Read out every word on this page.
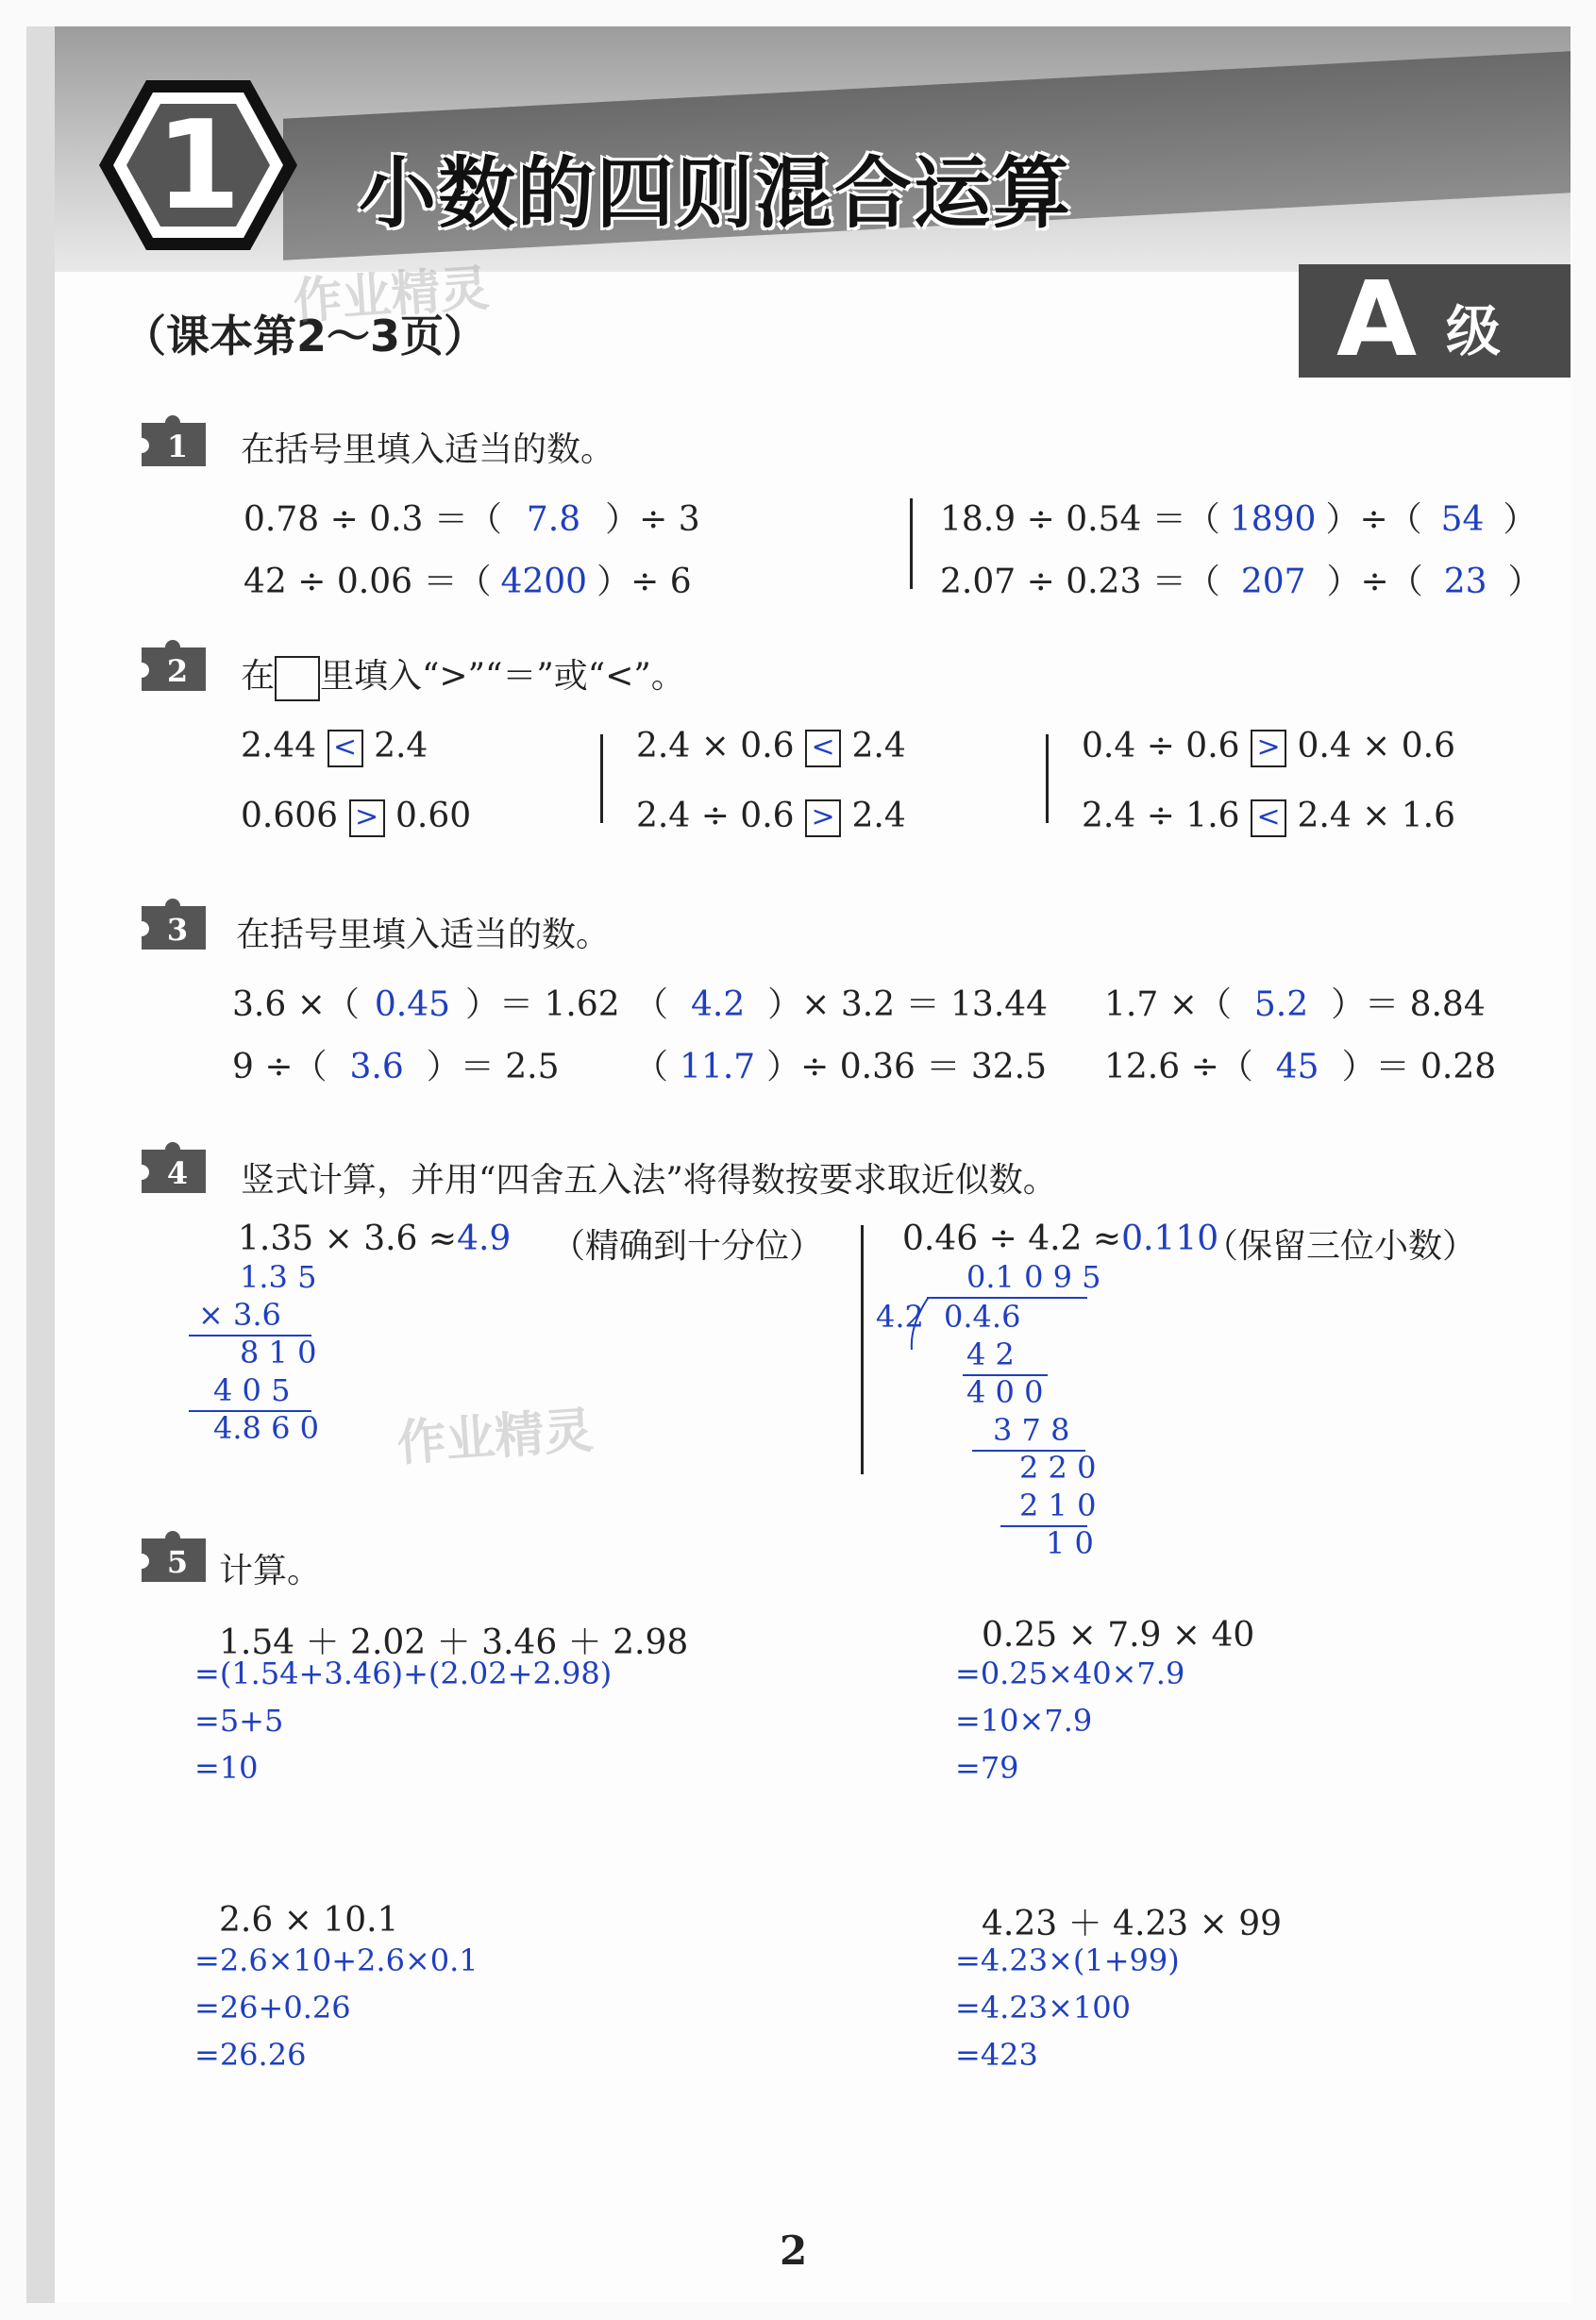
1 小数的四则混合运算
（课本第2～3页）	A 级
作业精灵
作业精灵
1 在括号里填入适当的数。
0.78 ÷ 0.3 ＝（ 7.8 ）÷ 3
42 ÷ 0.06 ＝（ 4200 ）÷ 6
18.9 ÷ 0.54 ＝（ 1890 ）÷（ 54 ）
2.07 ÷ 0.23 ＝（ 207 ）÷（ 23 ）
2 在 里填入“>”“＝”或“<”。
2.44 < 2.4
0.606 > 0.60
2.4 × 0.6 < 2.4
2.4 ÷ 0.6 > 2.4
0.4 ÷ 0.6 > 0.4 × 0.6
2.4 ÷ 1.6 < 2.4 × 1.6
3 在括号里填入适当的数。
3.6 ×（ 0.45 ）＝ 1.62 （ 4.2 ）× 3.2 ＝ 13.44 1.7 ×（ 5.2 ）＝ 8.84
9 ÷（ 3.6 ）＝ 2.5 （ 11.7 ）÷ 0.36 ＝ 32.5 12.6 ÷（ 45 ）＝ 0.28
4 竖式计算，并用“四舍五入法”将得数按要求取近似数。
1.35 × 3.6 ≈4.9 （精确到十分位）
1.3 5
× 3.6
8 1 0
4 0 5
4.8 6 0
0.46 ÷ 4.2 ≈0.110
（保留三位小数）
0.1 0 9 5
4.2 0.4.6
4 2
4 0 0
3 7 8
2 2 0
2 1 0
1 0
5 计算。
1.54 ＋ 2.02 ＋ 3.46 ＋ 2.98
=(1.54+3.46)+(2.02+2.98)
=5+5
=10
0.25 × 7.9 × 40
=0.25×40×7.9
=10×7.9
=79
2.6 × 10.1
=2.6×10+2.6×0.1
=26+0.26
=26.26
4.23 ＋ 4.23 × 99
=4.23×(1+99)
=4.23×100
=423
2
